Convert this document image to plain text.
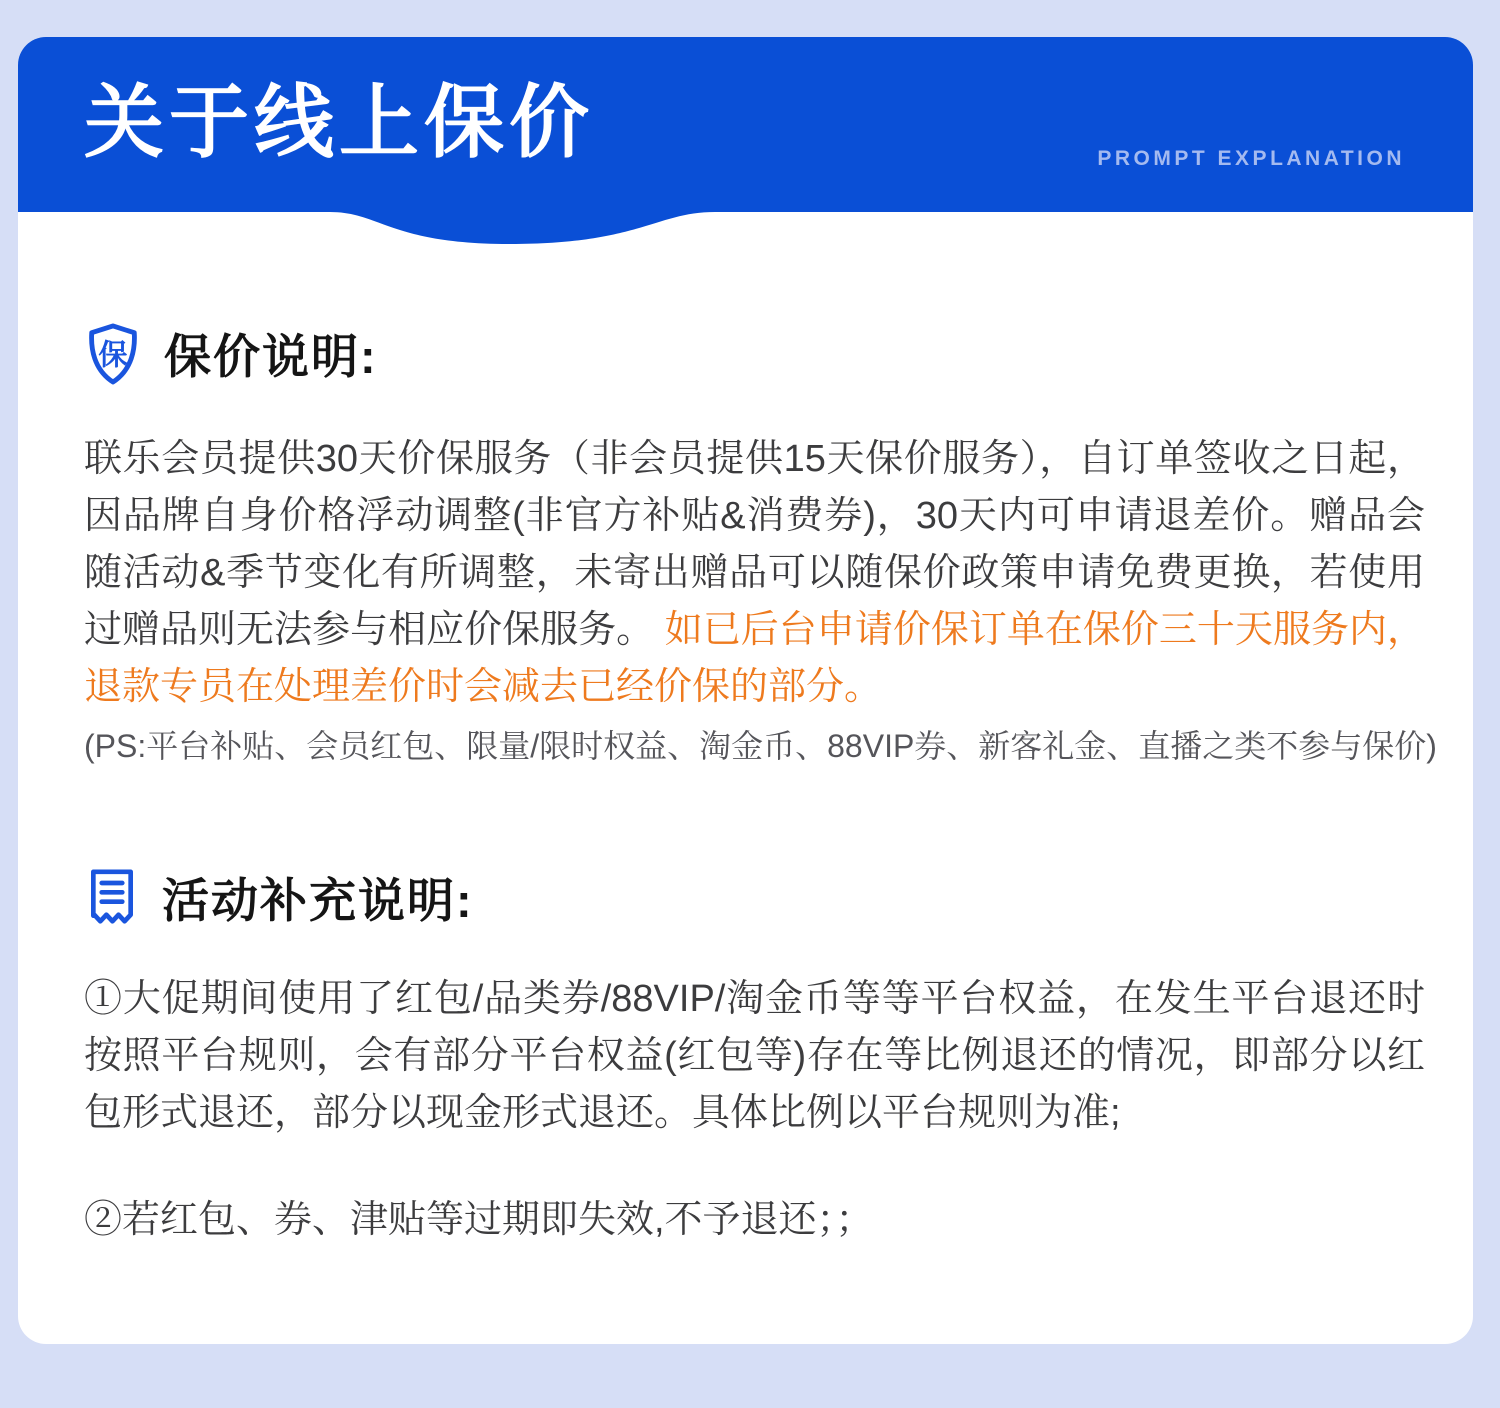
关于线上保价	PROMPT EXPLANATION
保 保价说明:

联乐会员提供30天价保服务（非会员提供15天保价服务），自订单签收之日起，因品牌自身价格浮动调整(非官方补贴&消费券)，30天内可申请退差价。赠品会随活动&季节变化有所调整，未寄出赠品可以随保价政策申请免费更换，若使用过赠品则无法参与相应价保服务。 如已后台申请价保订单在保价三十天服务内，退款专员在处理差价时会减去已经价保的部分。

(PS:平台补贴、会员红包、限量/限时权益、淘金币、88VIP券、新客礼金、直播之类不参与保价)

活动补充说明:

①大促期间使用了红包/品类券/88VIP/淘金币等等平台权益，在发生平台退还时按照平台规则，会有部分平台权益(红包等)存在等比例退还的情况，即部分以红包形式退还，部分以现金形式退还。具体比例以平台规则为准;

②若红包、券、津贴等过期即失效,不予退还；；
